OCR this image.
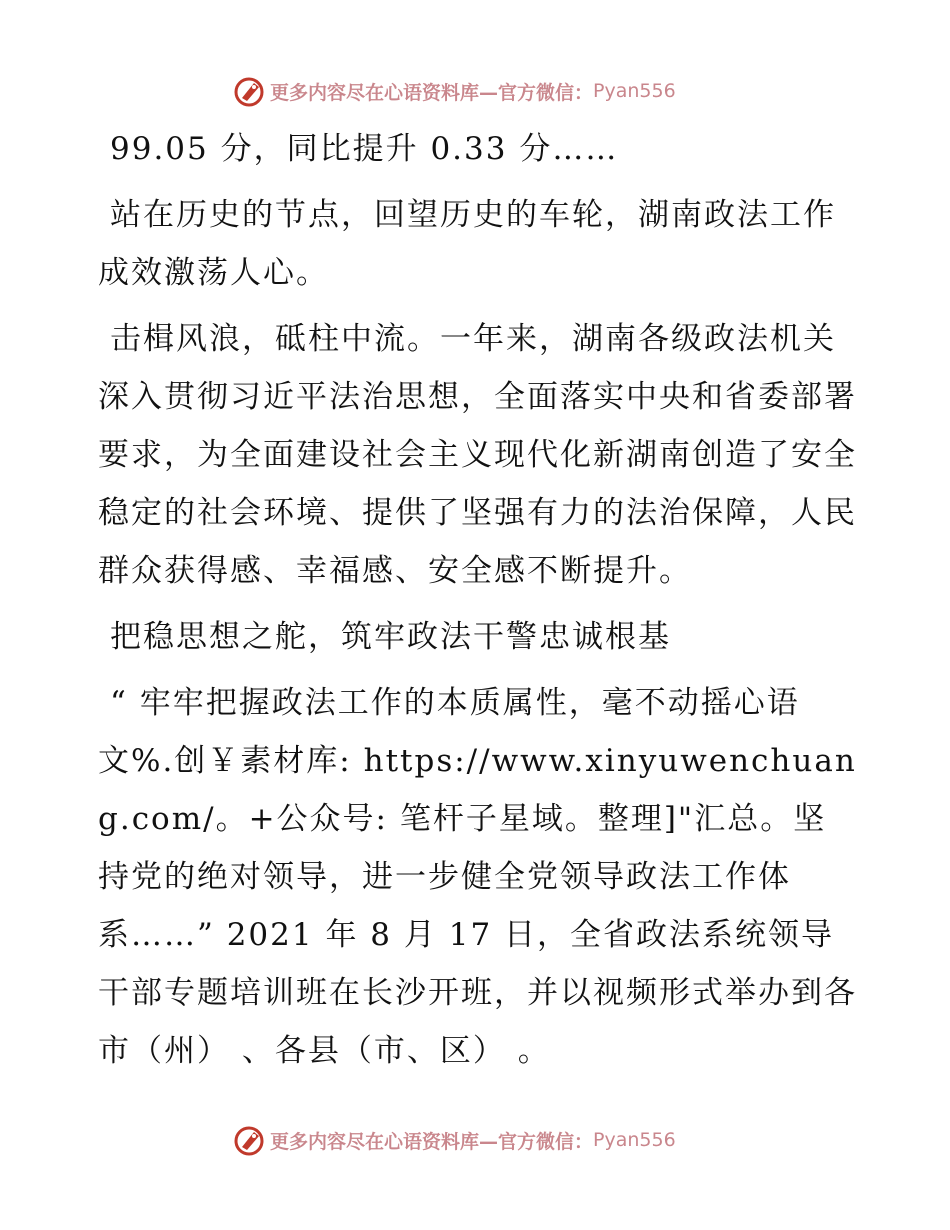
更多内容尽在心语资料库—官方微信： Pyan556

99.05 分，同比提升 0.33 分……

站在历史的节点，回望历史的车轮，湖南政法工作成效激荡人心。

击楫风浪，砥柱中流。一年来，湖南各级政法机关深入贯彻习近平法治思想，全面落实中央和省委部署要求，为全面建设社会主义现代化新湖南创造了安全稳定的社会环境、提供了坚强有力的法治保障，人民群众获得感、幸福感、安全感不断提升。

把稳思想之舵，筑牢政法干警忠诚根基

“ 牢牢把握政法工作的本质属性，毫不动摇心语文%.创￥素材库: https://www.xinyuwenchuang.com/。+公众号: 笔杆子星域。整理]"汇总。坚持党的绝对领导，进一步健全党领导政法工作体系……” 2021 年 8 月 17 日，全省政法系统领导干部专题培训班在长沙开班，并以视频形式举办到各市（州） 、各县（市、区） 。

更多内容尽在心语资料库—官方微信： Pyan556
